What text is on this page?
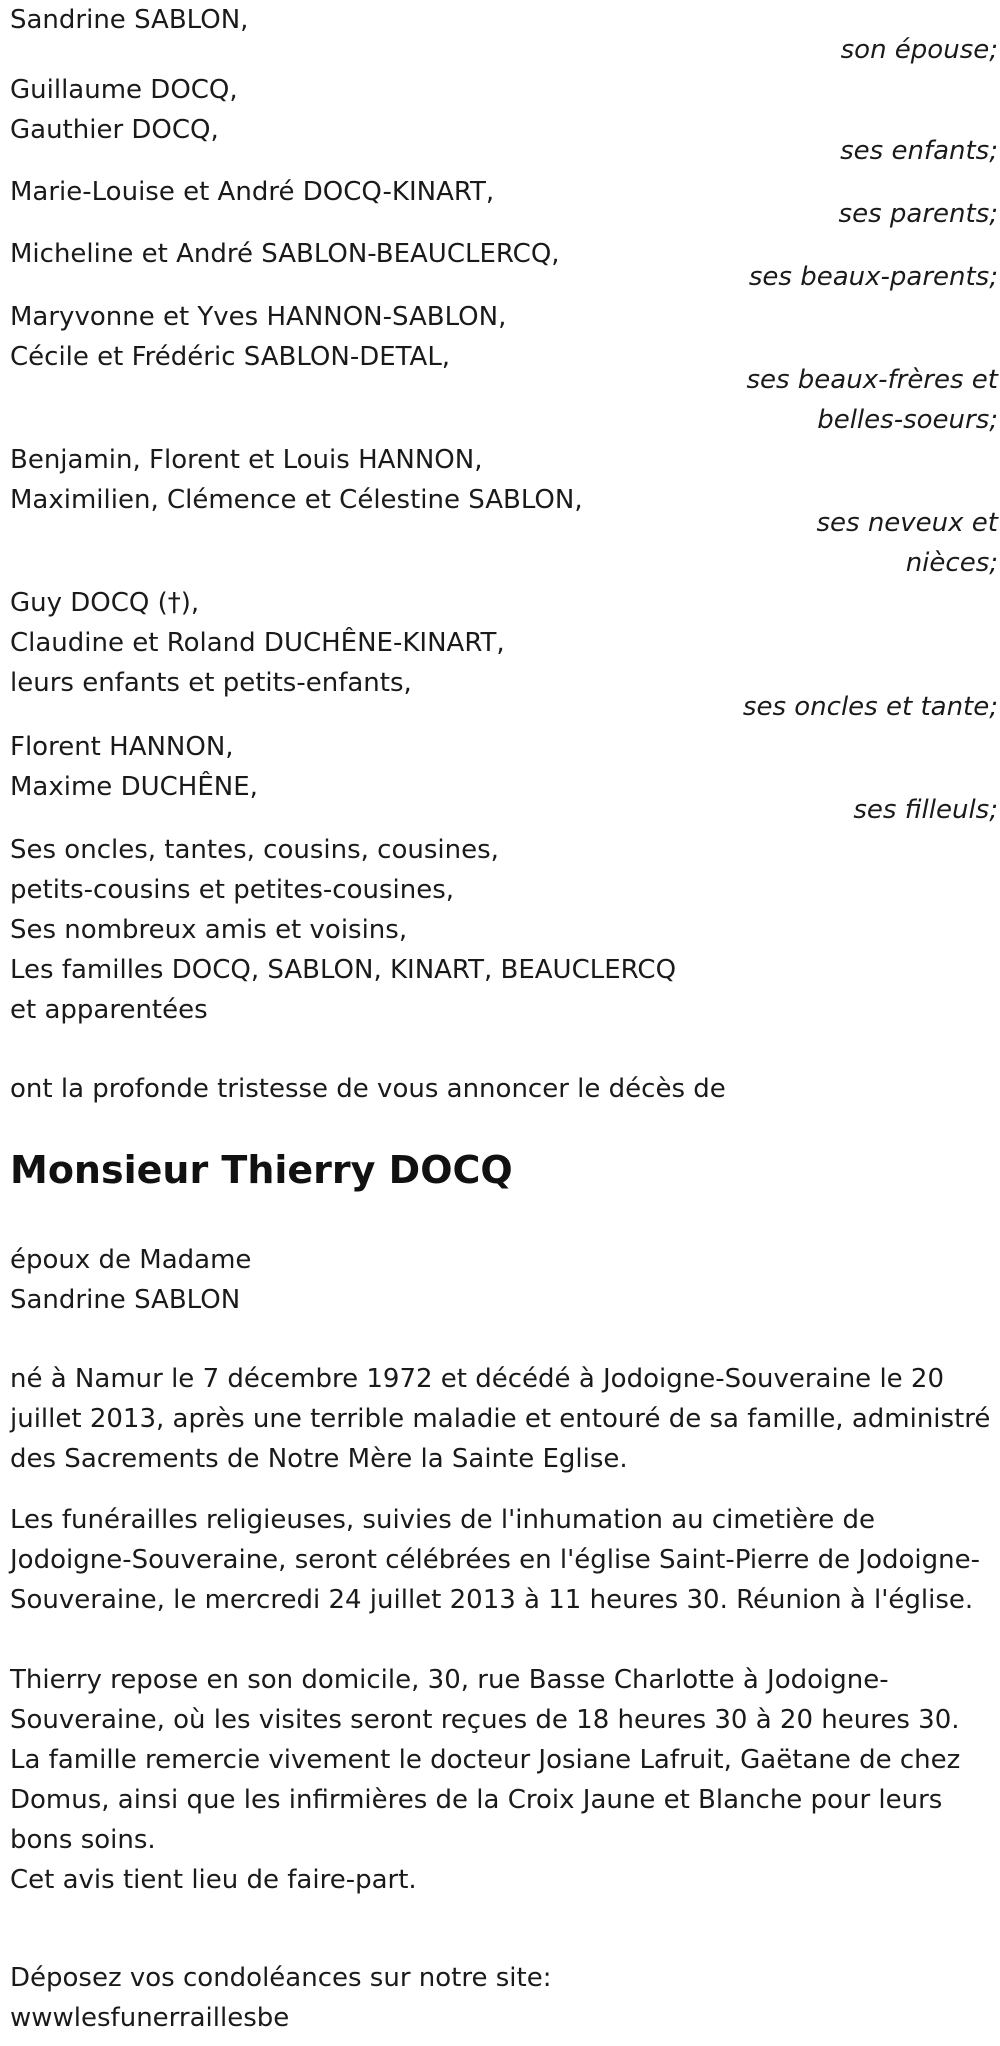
Sandrine SABLON,
son épouse;
Guillaume DOCQ,
Gauthier DOCQ,
ses enfants;
Marie-Louise et André DOCQ-KINART,
ses parents;
Micheline et André SABLON-BEAUCLERCQ,
ses beaux-parents;
Maryvonne et Yves HANNON-SABLON,
Cécile et Frédéric SABLON-DETAL,
ses beaux-frères et
belles-soeurs;
Benjamin, Florent et Louis HANNON,
Maximilien, Clémence et Célestine SABLON,
ses neveux et
nièces;
Guy DOCQ (†),
Claudine et Roland DUCHÊNE-KINART,
leurs enfants et petits-enfants,
ses oncles et tante;
Florent HANNON,
Maxime DUCHÊNE,
ses filleuls;
Ses oncles, tantes, cousins, cousines,
petits-cousins et petites-cousines,
Ses nombreux amis et voisins,
Les familles DOCQ, SABLON, KINART, BEAUCLERCQ
et apparentées
ont la profonde tristesse de vous annoncer le décès de
Monsieur Thierry DOCQ
époux de Madame
Sandrine SABLON
né à Namur le 7 décembre 1972 et décédé à Jodoigne-Souveraine le 20 juillet 2013, après une terrible maladie et entouré de sa famille, administré des Sacrements de Notre Mère la Sainte Eglise.
Les funérailles religieuses, suivies de l'inhumation au cimetière de Jodoigne-Souveraine, seront célébrées en l'église Saint-Pierre de Jodoigne-Souveraine, le mercredi 24 juillet 2013 à 11 heures 30. Réunion à l'église.
Thierry repose en son domicile, 30, rue Basse Charlotte à Jodoigne-Souveraine, où les visites seront reçues de 18 heures 30 à 20 heures 30.
La famille remercie vivement le docteur Josiane Lafruit, Gaëtane de chez Domus, ainsi que les infirmières de la Croix Jaune et Blanche pour leurs bons soins.
Cet avis tient lieu de faire-part.
Déposez vos condoléances sur notre site:
wwwlesfunerraillesbe
